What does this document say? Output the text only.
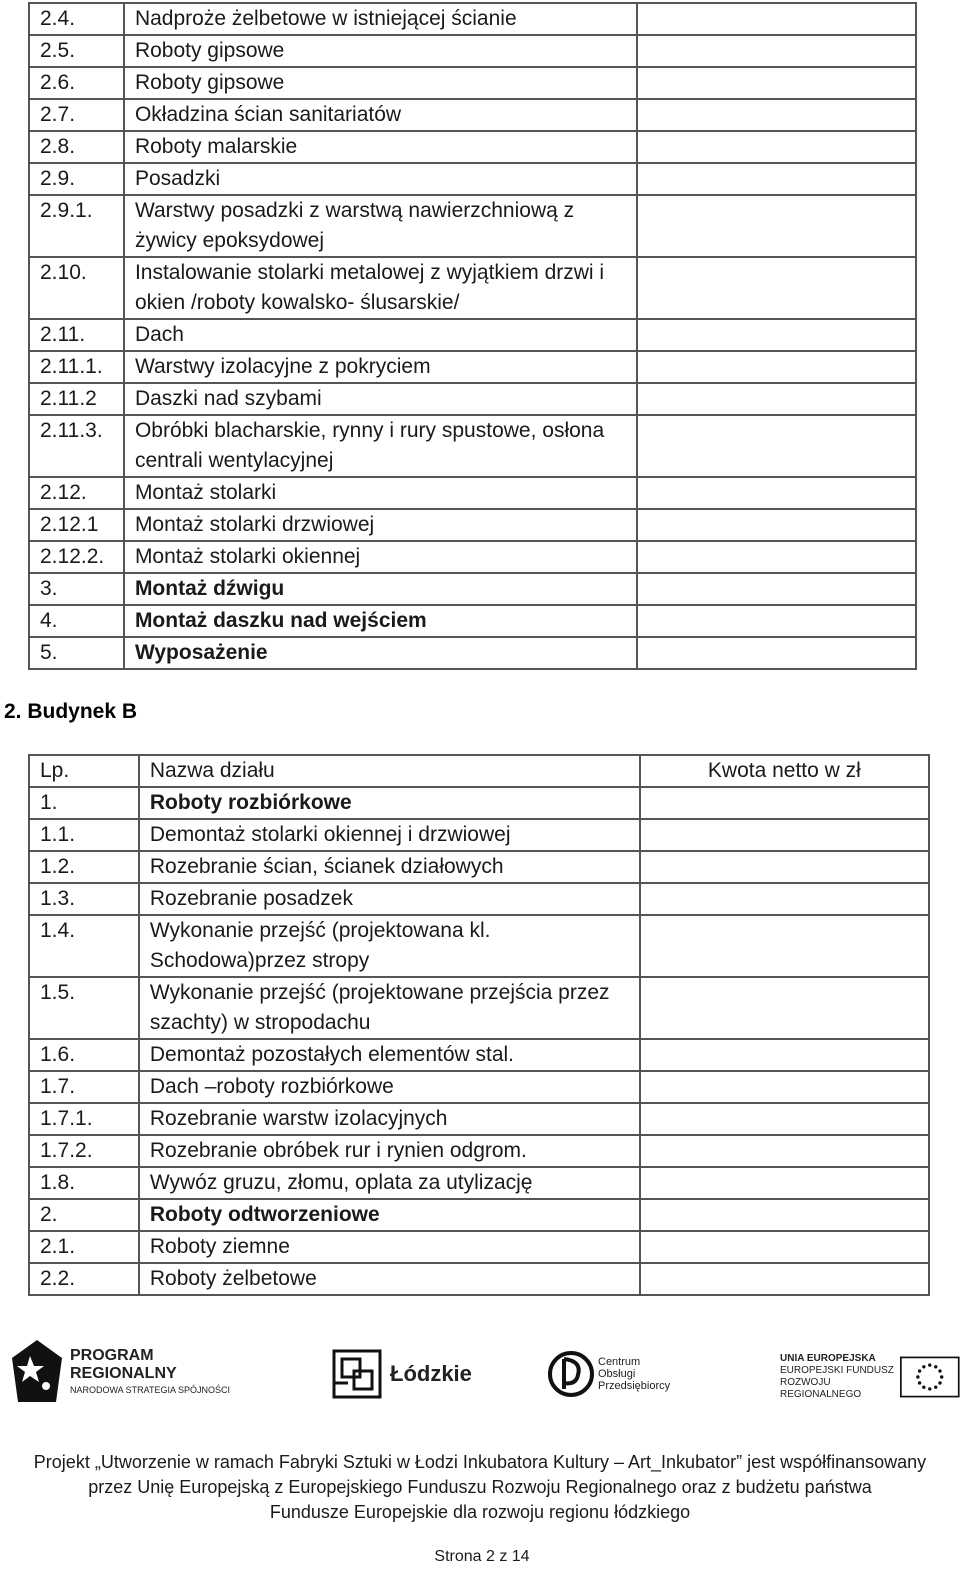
2.4.	Nadproże żelbetowe w istniejącej ścianie	
2.5.	Roboty gipsowe	
2.6.	Roboty gipsowe	
2.7.	Okładzina ścian sanitariatów	
2.8.	Roboty malarskie	
2.9.	Posadzki	
2.9.1.	Warstwy posadzki z warstwą nawierzchniową z żywicy epoksydowej	
2.10.	Instalowanie stolarki metalowej z wyjątkiem drzwi i okien /roboty kowalsko- ślusarskie/	
2.11.	Dach	
2.11.1.	Warstwy izolacyjne z pokryciem	
2.11.2	Daszki nad szybami	
2.11.3.	Obróbki blacharskie, rynny i rury spustowe, osłona centrali wentylacyjnej	
2.12.	Montaż stolarki	
2.12.1	Montaż stolarki drzwiowej	
2.12.2.	Montaż stolarki okiennej	
3.	Montaż dźwigu	
4.	Montaż daszku nad wejściem	
5.	Wyposażenie	
2. Budynek B
Lp.	Nazwa działu	Kwota netto w zł
1.	Roboty rozbiórkowe	
1.1.	Demontaż stolarki okiennej i drzwiowej	
1.2.	Rozebranie ścian, ścianek działowych	
1.3.	Rozebranie posadzek	
1.4.	Wykonanie przejść (projektowana kl. Schodowa)przez stropy	
1.5.	Wykonanie przejść (projektowane przejścia przez szachty) w stropodachu	
1.6.	Demontaż pozostałych elementów stal.	
1.7.	Dach –roboty rozbiórkowe	
1.7.1.	Rozebranie warstw izolacyjnych	
1.7.2.	Rozebranie obróbek rur i rynien odgrom.	
1.8.	Wywóz gruzu, złomu, oplata za utylizację	
2.	Roboty odtworzeniowe	
2.1.	Roboty ziemne	
2.2.	Roboty żelbetowe	
PROGRAM
REGIONALNY
NARODOWA STRATEGIA SPÓJNOŚCI
Łódzkie	Centrum
Obsługi
Przedsiębiorcy
UNIA EUROPEJSKA
EUROPEJSKI FUNDUSZ
ROZWOJU REGIONALNEGO
Projekt „Utworzenie w ramach Fabryki Sztuki w Łodzi Inkubatora Kultury – Art_Inkubator” jest współfinansowany
przez Unię Europejską z Europejskiego Funduszu Rozwoju Regionalnego oraz z budżetu państwa
Fundusze Europejskie dla rozwoju regionu łódzkiego
Strona 2 z 14
